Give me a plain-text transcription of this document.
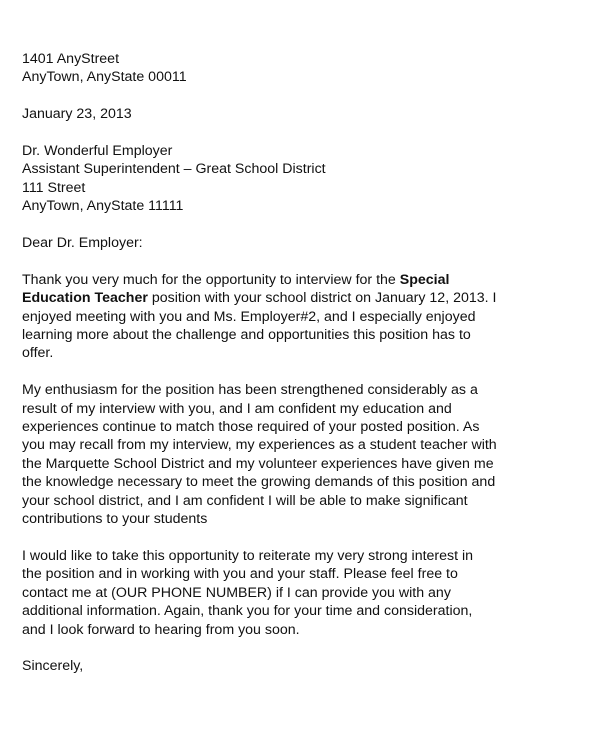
1401 AnyStreet
AnyTown, AnyState 00011
January 23, 2013
Dr. Wonderful Employer
Assistant Superintendent – Great School District
111 Street
AnyTown, AnyState 11111
Dear Dr. Employer:
Thank you very much for the opportunity to interview for the Special
Education Teacher position with your school district on January 12, 2013. I
enjoyed meeting with you and Ms. Employer#2, and I especially enjoyed
learning more about the challenge and opportunities this position has to
offer.
My enthusiasm for the position has been strengthened considerably as a
result of my interview with you, and I am confident my education and
experiences continue to match those required of your posted position. As
you may recall from my interview, my experiences as a student teacher with
the Marquette School District and my volunteer experiences have given me
the knowledge necessary to meet the growing demands of this position and
your school district, and I am confident I will be able to make significant
contributions to your students
I would like to take this opportunity to reiterate my very strong interest in
the position and in working with you and your staff. Please feel free to
contact me at (OUR PHONE NUMBER) if I can provide you with any
additional information. Again, thank you for your time and consideration,
and I look forward to hearing from you soon.
Sincerely,
